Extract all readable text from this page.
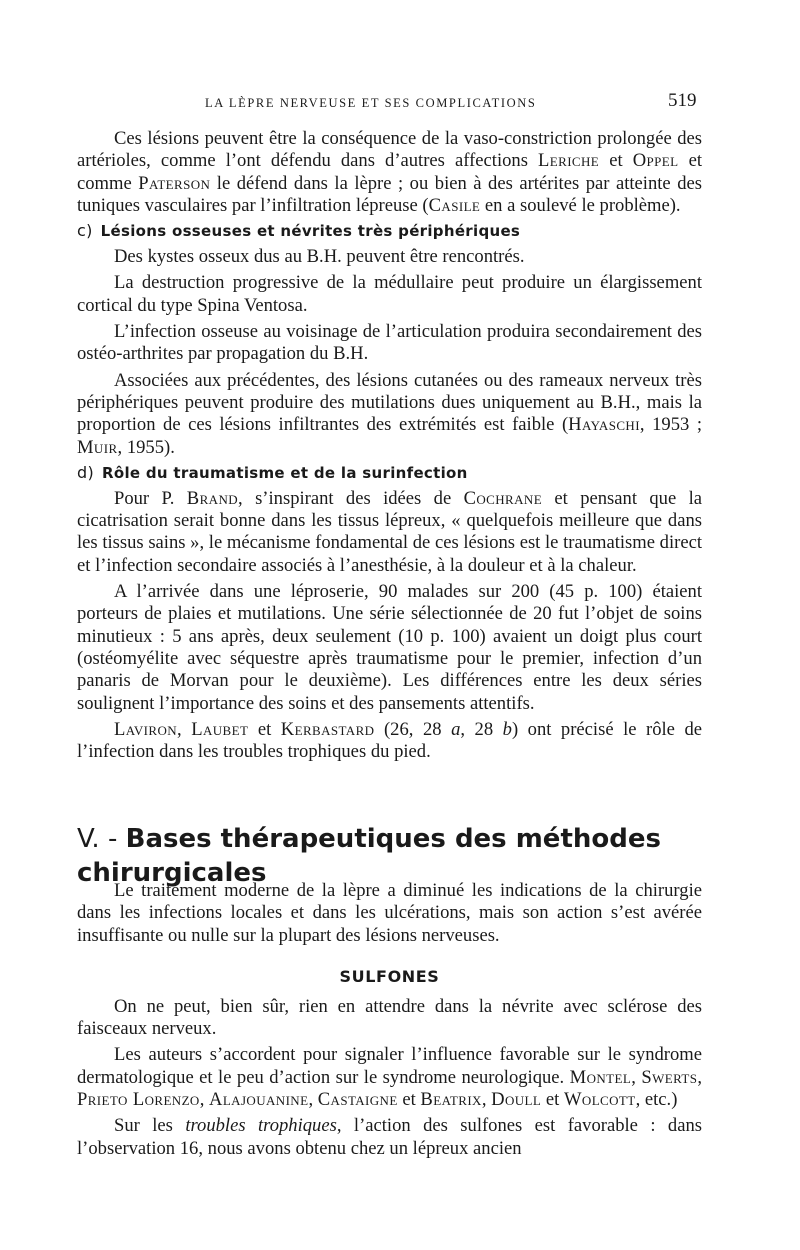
LA LÈPRE NERVEUSE ET SES COMPLICATIONS	519

Ces lésions peuvent être la conséquence de la vaso-constriction prolongée des artérioles, comme l’ont défendu dans d’autres affections Leriche et Oppel et comme Paterson le défend dans la lèpre ; ou bien à des artérites par atteinte des tuniques vasculaires par l’infiltration lépreuse (Casile en a soulevé le problème).

c) Lésions osseuses et névrites très périphériques

Des kystes osseux dus au B.H. peuvent être rencontrés.

La destruction progressive de la médullaire peut produire un élargissement cortical du type Spina Ventosa.

L’infection osseuse au voisinage de l’articulation produira secondairement des ostéo-arthrites par propagation du B.H.

Associées aux précédentes, des lésions cutanées ou des rameaux nerveux très périphériques peuvent produire des mutilations dues uniquement au B.H., mais la proportion de ces lésions infiltrantes des extrémités est faible (Hayaschi, 1953 ; Muir, 1955).

d) Rôle du traumatisme et de la surinfection

Pour P. Brand, s’inspirant des idées de Cochrane et pensant que la cicatrisation serait bonne dans les tissus lépreux, « quelquefois meilleure que dans les tissus sains », le mécanisme fondamental de ces lésions est le traumatisme direct et l’infection secondaire associés à l’anesthésie, à la douleur et à la chaleur.

A l’arrivée dans une léproserie, 90 malades sur 200 (45 p. 100) étaient porteurs de plaies et mutilations. Une série sélectionnée de 20 fut l’objet de soins minutieux : 5 ans après, deux seulement (10 p. 100) avaient un doigt plus court (ostéomyélite avec séquestre après traumatisme pour le premier, infection d’un panaris de Morvan pour le deuxième). Les différences entre les deux séries soulignent l’importance des soins et des pansements attentifs.

Laviron, Laubet et Kerbastard (26, 28 a, 28 b) ont précisé le rôle de l’infection dans les troubles trophiques du pied.

V. - Bases thérapeutiques des méthodes chirurgicales

Le traitement moderne de la lèpre a diminué les indications de la chirurgie dans les infections locales et dans les ulcérations, mais son action s’est avérée insuffisante ou nulle sur la plupart des lésions nerveuses.

SULFONES

On ne peut, bien sûr, rien en attendre dans la névrite avec sclérose des faisceaux nerveux.

Les auteurs s’accordent pour signaler l’influence favorable sur le syndrome dermatologique et le peu d’action sur le syndrome neurologique. Montel, Swerts, Prieto Lorenzo, Alajouanine, Castaigne et Beatrix, Doull et Wolcott, etc.)

Sur les troubles trophiques, l’action des sulfones est favorable : dans l’observation 16, nous avons obtenu chez un lépreux ancien
